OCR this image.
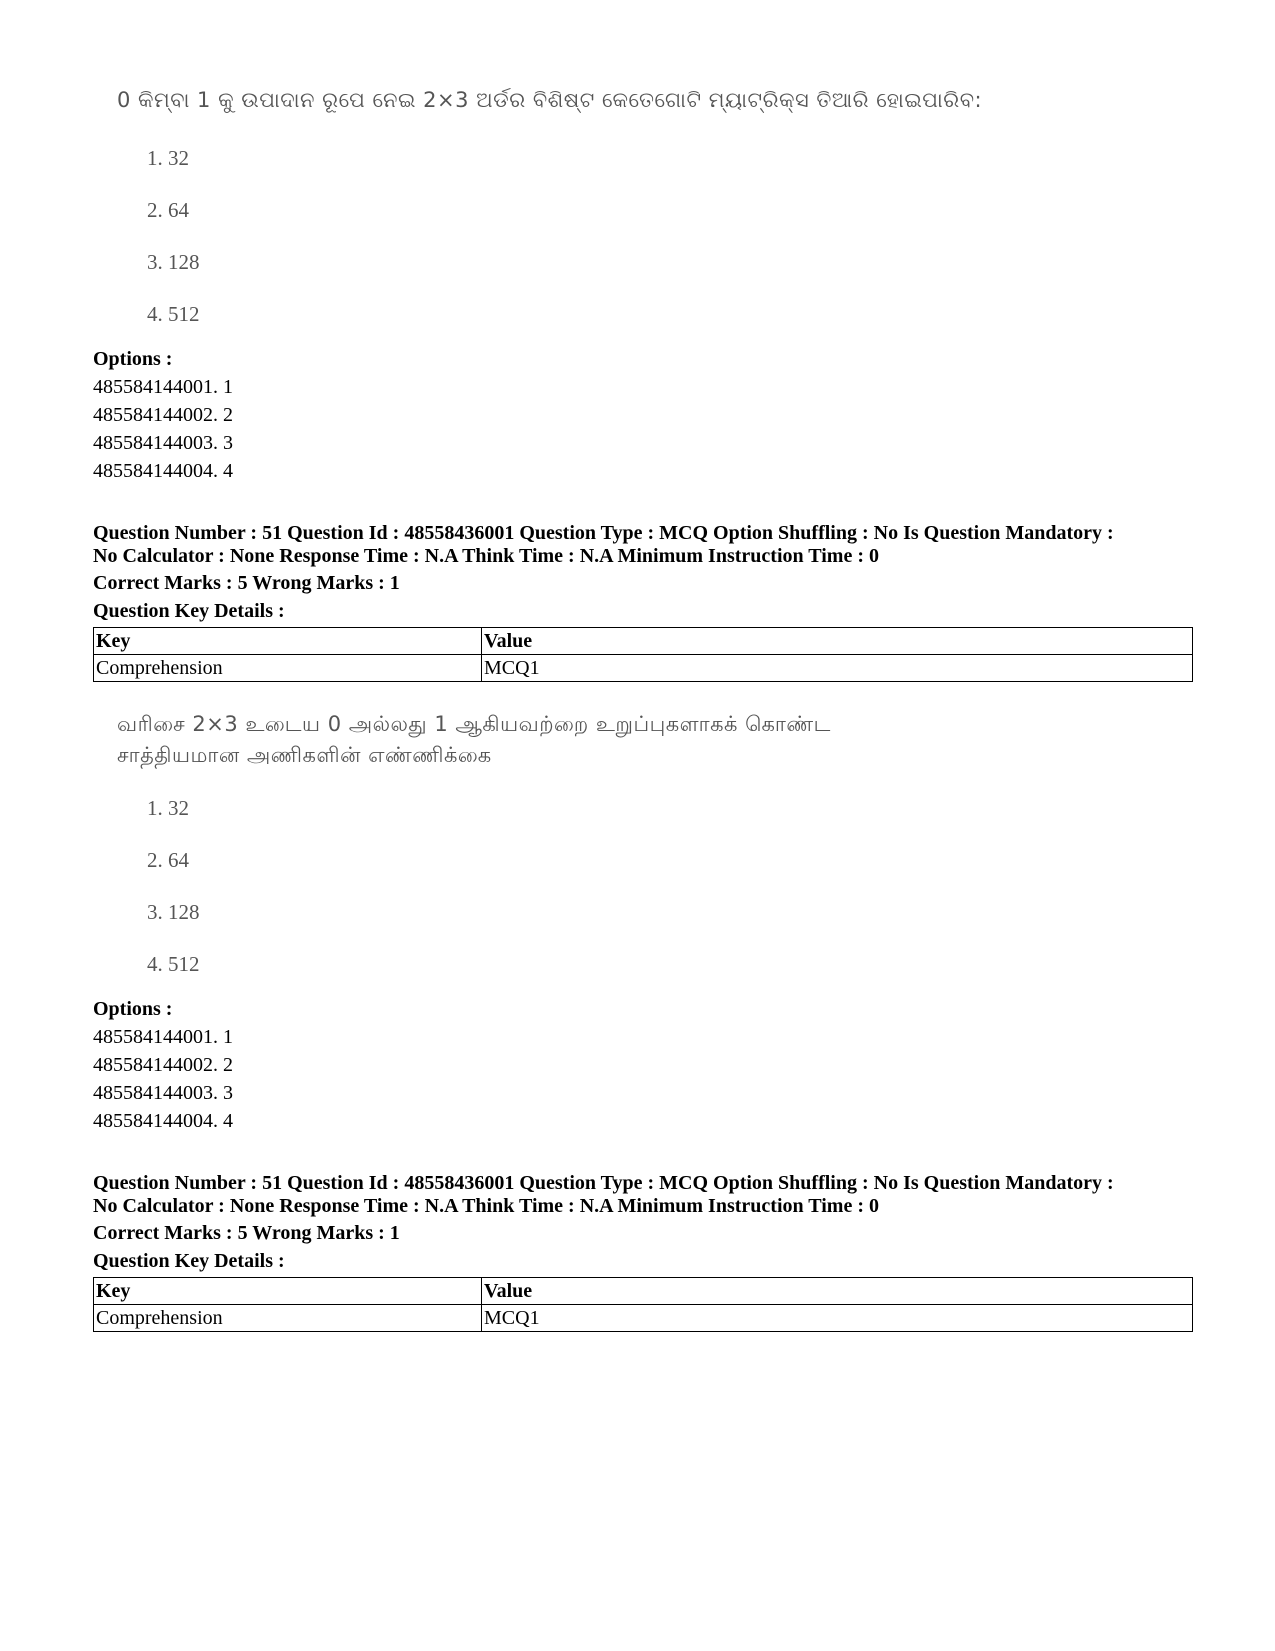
0 କିମ୍ବା 1 କୁ ଉପାଦାନ ରୂପେ ନେଇ 2×3 ଅର୍ଡର ବିଶିଷ୍ଟ କେତେଗୋଟି ମ୍ୟାଟ୍ରିକ୍ସ ତିଆରି ହୋଇପାରିବ:
1. 32
2. 64
3. 128
4. 512
Options :
485584144001. 1
485584144002. 2
485584144003. 3
485584144004. 4
Question Number : 51 Question Id : 48558436001 Question Type : MCQ Option Shuffling : No Is Question Mandatory :
No Calculator : None Response Time : N.A Think Time : N.A Minimum Instruction Time : 0
Correct Marks : 5 Wrong Marks : 1
Question Key Details :
Key	Value
Comprehension	MCQ1
வரிசை 2×3 உடைய 0 அல்லது 1 ஆகியவற்றை உறுப்புகளாகக் கொண்ட
சாத்தியமான அணிகளின் எண்ணிக்கை
1. 32
2. 64
3. 128
4. 512
Options :
485584144001. 1
485584144002. 2
485584144003. 3
485584144004. 4
Question Number : 51 Question Id : 48558436001 Question Type : MCQ Option Shuffling : No Is Question Mandatory :
No Calculator : None Response Time : N.A Think Time : N.A Minimum Instruction Time : 0
Correct Marks : 5 Wrong Marks : 1
Question Key Details :
Key	Value
Comprehension	MCQ1
